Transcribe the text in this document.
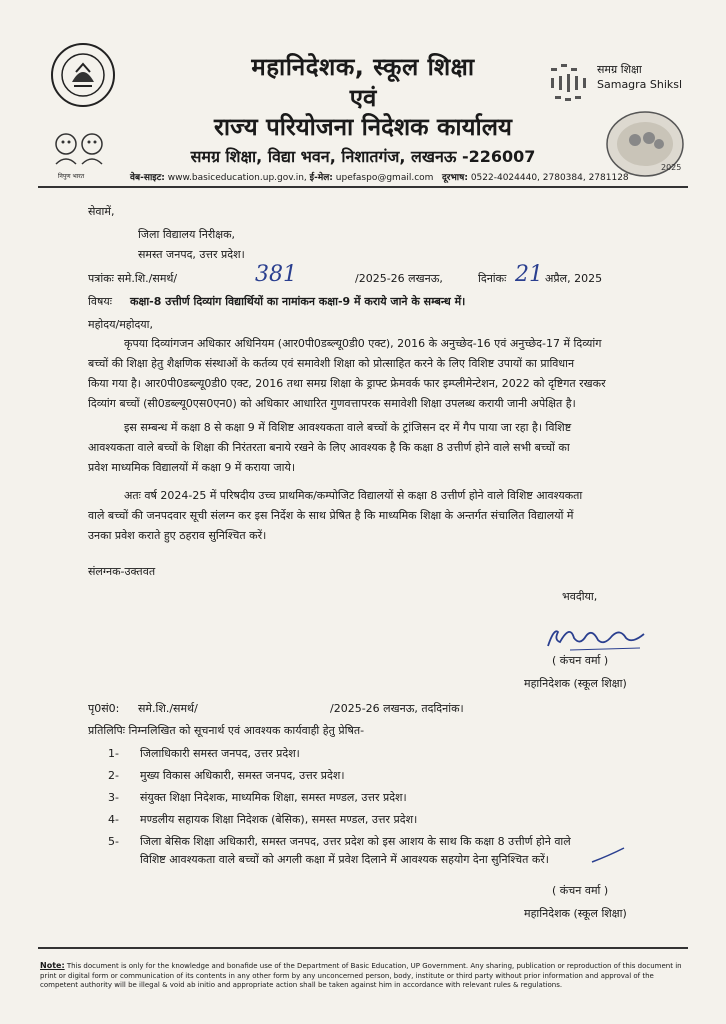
निपुण भारत
समग्र शिक्षा
Samagra Shiksl
2025
महानिदेशक, स्कूल शिक्षा
एवं
राज्य परियोजना निदेशक कार्यालय
समग्र शिक्षा, विद्या भवन, निशातगंज, लखनऊ -226007
वेब-साइट: www.basiceducation.up.gov.in, ई-मेल: upefaspo@gmail.com दूरभाष: 0522-4024440, 2780384, 2781128
सेवामें,
जिला विद्यालय निरीक्षक,
समस्त जनपद, उत्तर प्रदेश।
पत्रांकः समे.शि./समर्थ/	381	/2025-26 लखनऊ,	दिनांकः 21 अप्रैल, 2025
विषयः कक्षा-8 उत्तीर्ण दिव्यांग विद्यार्थियों का नामांकन कक्षा-9 में कराये जाने के सम्बन्ध में।
महोदय/महोदया,
कृपया दिव्यांगजन अधिकार अधिनियम (आर0पी0डब्ल्यू0डी0 एक्ट), 2016 के अनुच्छेद-16 एवं अनुच्छेद-17 में दिव्यांग
बच्चों की शिक्षा हेतु शैक्षणिक संस्थाओं के कर्तव्य एवं समावेशी शिक्षा को प्रोत्साहित करने के लिए विशिष्ट उपायों का प्राविधान
किया गया है। आर0पी0डब्ल्यू0डी0 एक्ट, 2016 तथा समग्र शिक्षा के ड्राफ्ट फ्रेमवर्क फार इम्प्लीमेन्टेशन, 2022 को दृष्टिगत रखकर
दिव्यांग बच्चों (सी0डब्ल्यू0एस0एन0) को अधिकार आधारित गुणवत्तापरक समावेशी शिक्षा उपलब्ध करायी जानी अपेक्षित है।
इस सम्बन्ध में कक्षा 8 से कक्षा 9 में विशिष्ट आवश्यकता वाले बच्चों के ट्रांजिसन दर में गैप पाया जा रहा है। विशिष्ट
आवश्यकता वाले बच्चों के शिक्षा की निरंतरता बनाये रखने के लिए आवश्यक है कि कक्षा 8 उत्तीर्ण होने वाले सभी बच्चों का
प्रवेश माध्यमिक विद्यालयों में कक्षा 9 में कराया जाये।
अतः वर्ष 2024-25 में परिषदीय उच्च प्राथमिक/कम्पोजिट विद्यालयों से कक्षा 8 उत्तीर्ण होने वाले विशिष्ट आवश्यकता
वाले बच्चों की जनपदवार सूची संलग्न कर इस निर्देश के साथ प्रेषित है कि माध्यमिक शिक्षा के अन्तर्गत संचालित विद्यालयों में
उनका प्रवेश कराते हुए ठहराव सुनिश्चित करें।
संलग्नक-उक्तवत
भवदीया,
( कंचन वर्मा )
महानिदेशक (स्कूल शिक्षा)
पृ0सं0: समे.शि./समर्थ/	/2025-26 लखनऊ, तददिनांक।
प्रतिलिपिः निम्नलिखित को सूचनार्थ एवं आवश्यक कार्यवाही हेतु प्रेषित-
1- जिलाधिकारी समस्त जनपद, उत्तर प्रदेश।
2- मुख्य विकास अधिकारी, समस्त जनपद, उत्तर प्रदेश।
3- संयुक्त शिक्षा निदेशक, माध्यमिक शिक्षा, समस्त मण्डल, उत्तर प्रदेश।
4- मण्डलीय सहायक शिक्षा निदेशक (बेसिक), समस्त मण्डल, उत्तर प्रदेश।
5- जिला बेसिक शिक्षा अधिकारी, समस्त जनपद, उत्तर प्रदेश को इस आशय के साथ कि कक्षा 8 उत्तीर्ण होने वाले
विशिष्ट आवश्यकता वाले बच्चों को अगली कक्षा में प्रवेश दिलाने में आवश्यक सहयोग देना सुनिश्चित करें।
( कंचन वर्मा )
महानिदेशक (स्कूल शिक्षा)
Note: This document is only for the knowledge and bonafide use of the Department of Basic Education, UP Government. Any sharing, publication or reproduction of this document in print or digital form or communication of its contents in any other form by any unconcerned person, body, institute or third party without prior information and approval of the competent authority will be illegal & void ab initio and appropriate action shall be taken against him in accordance with relevant rules & regulations.
